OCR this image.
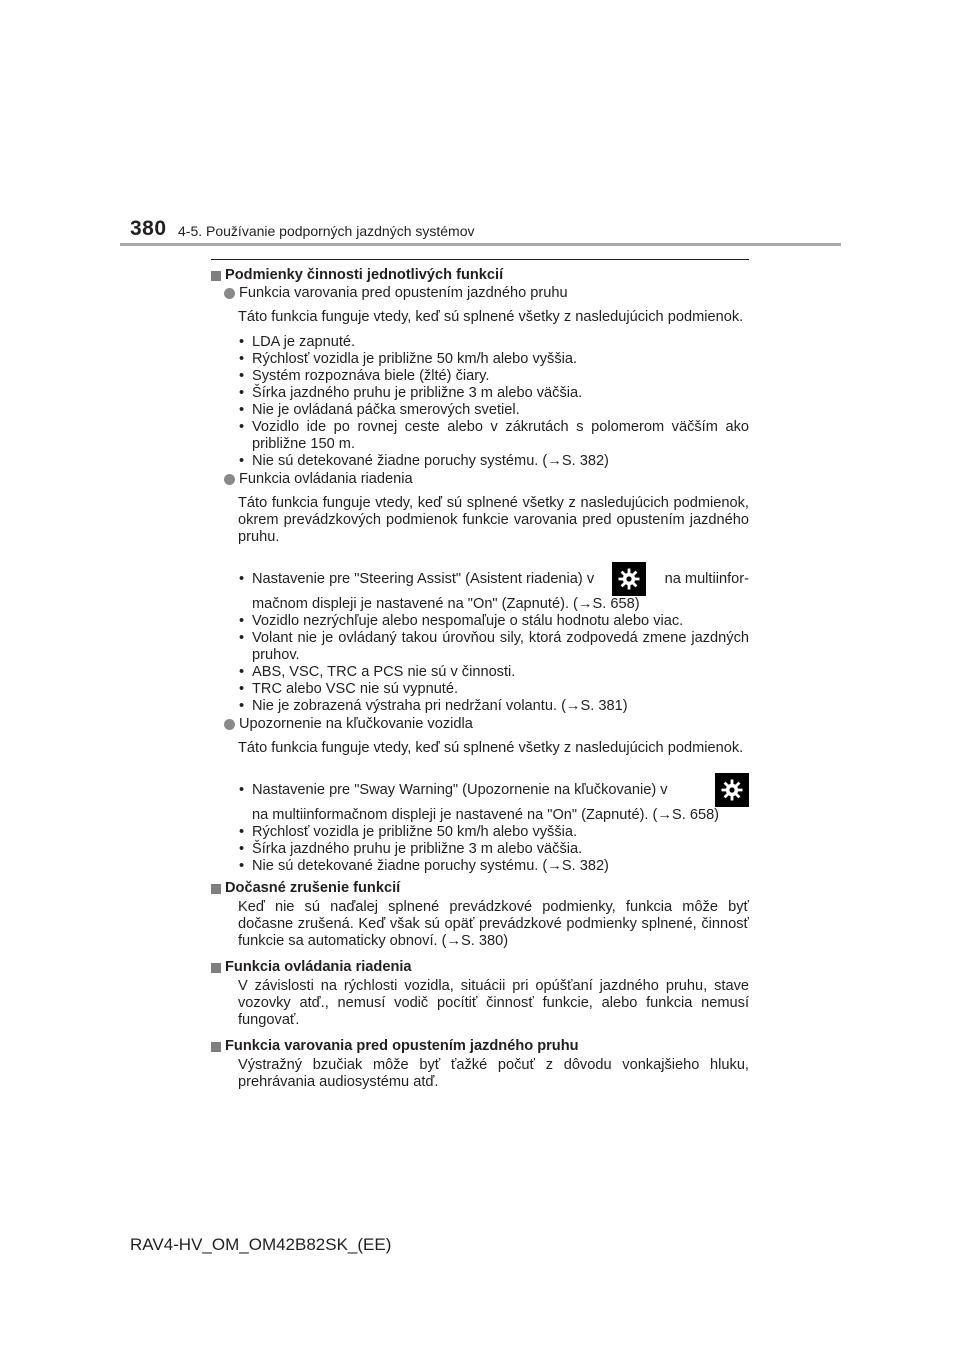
380 4-5. Používanie podporných jazdných systémov
Podmienky činnosti jednotlivých funkcií
Funkcia varovania pred opustením jazdného pruhu
Táto funkcia funguje vtedy, keď sú splnené všetky z nasledujúcich podmienok.
• LDA je zapnuté.
• Rýchlosť vozidla je približne 50 km/h alebo vyššia.
• Systém rozpoznáva biele (žlté) čiary.
• Šírka jazdného pruhu je približne 3 m alebo väčšia.
• Nie je ovládaná páčka smerových svetiel.
• Vozidlo ide po rovnej ceste alebo v zákrutách s polomerom väčším ako približne 150 m.
• Nie sú detekované žiadne poruchy systému. (→S. 382)
Funkcia ovládania riadenia
Táto funkcia funguje vtedy, keď sú splnené všetky z nasledujúcich podmienok, okrem prevádzkových podmienok funkcie varovania pred opustením jazdného pruhu.
• Nastavenie pre "Steering Assist" (Asistent riadenia) v	na multiinfor-
mačnom displeji je nastavené na "On" (Zapnuté). (→S. 658)
• Vozidlo nezrýchľuje alebo nespomaľuje o stálu hodnotu alebo viac.
• Volant nie je ovládaný takou úrovňou sily, ktorá zodpovedá zmene jazdných pruhov.
• ABS, VSC, TRC a PCS nie sú v činnosti.
• TRC alebo VSC nie sú vypnuté.
• Nie je zobrazená výstraha pri nedržaní volantu. (→S. 381)
Upozornenie na kľučkovanie vozidla
Táto funkcia funguje vtedy, keď sú splnené všetky z nasledujúcich podmienok.
• Nastavenie pre "Sway Warning" (Upozornenie na kľučkovanie) v
na multiinformačnom displeji je nastavené na "On" (Zapnuté). (→S. 658)
• Rýchlosť vozidla je približne 50 km/h alebo vyššia.
• Šírka jazdného pruhu je približne 3 m alebo väčšia.
• Nie sú detekované žiadne poruchy systému. (→S. 382)
Dočasné zrušenie funkcií
Keď nie sú naďalej splnené prevádzkové podmienky, funkcia môže byť dočasne zrušená. Keď však sú opäť prevádzkové podmienky splnené, činnosť funkcie sa automaticky obnoví. (→S. 380)
Funkcia ovládania riadenia
V závislosti na rýchlosti vozidla, situácii pri opúšťaní jazdného pruhu, stave vozovky atď., nemusí vodič pocítiť činnosť funkcie, alebo funkcia nemusí fungovať.
Funkcia varovania pred opustením jazdného pruhu
Výstražný bzučiak môže byť ťažké počuť z dôvodu vonkajšieho hluku, prehrávania audiosystému atď.
RAV4-HV_OM_OM42B82SK_(EE)
